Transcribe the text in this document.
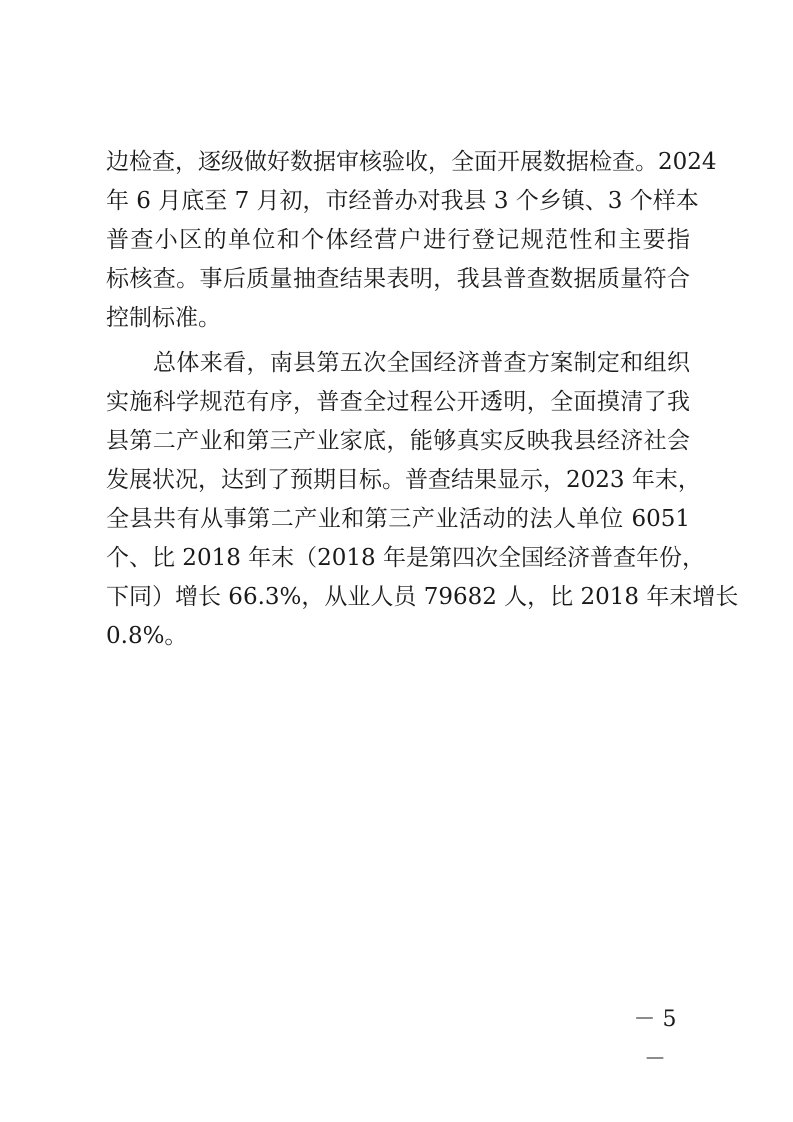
边检查，逐级做好数据审核验收，全面开展数据检查。2024
年 6 月底至 7 月初，市经普办对我县 3 个乡镇、3 个样本
普查小区的单位和个体经营户进行登记规范性和主要指
标核查。事后质量抽查结果表明，我县普查数据质量符合
控制标准。
总体来看，南县第五次全国经济普查方案制定和组织
实施科学规范有序，普查全过程公开透明，全面摸清了我
县第二产业和第三产业家底，能够真实反映我县经济社会
发展状况，达到了预期目标。普查结果显示，2023 年末，
全县共有从事第二产业和第三产业活动的法人单位 6051
个、比 2018 年末（2018 年是第四次全国经济普查年份，
下同）增长 66.3%，从业人员 79682 人，比 2018 年末增长
0.8%。
－ 5 －
